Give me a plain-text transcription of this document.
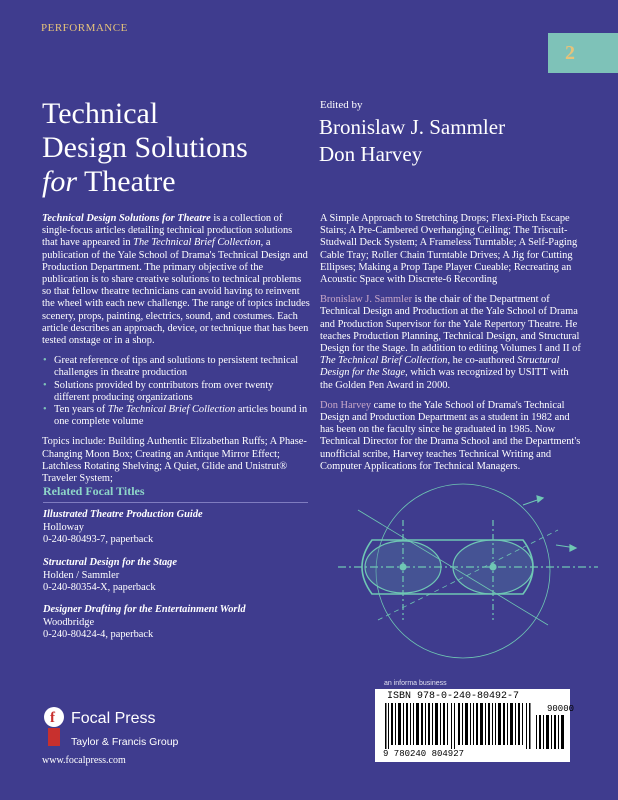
PERFORMANCE
2
Technical
Design Solutions
for Theatre
Edited by
Bronislaw J. Sammler
Don Harvey

Technical Design Solutions for Theatre is a collection of single-focus articles detailing technical production solutions that have appeared in The Technical Brief Collection, a publication of the Yale School of Drama's Technical Design and Production Department. The primary objective of the publication is to share creative solutions to technical problems so that fellow theatre technicians can avoid having to reinvent the wheel with each new challenge. The range of topics includes scenery, props, painting, electrics, sound, and costumes. Each article describes an approach, device, or technique that has been tested onstage or in a shop.

• Great reference of tips and solutions to persistent technical challenges in theatre production
• Solutions provided by contributors from over twenty different producing organizations
• Ten years of The Technical Brief Collection articles bound in one complete volume

Topics include: Building Authentic Elizabethan Ruffs; A Phase-Changing Moon Box; Creating an Antique Mirror Effect; Latchless Rotating Shelving; A Quiet, Glide and Unistrut® Traveler System;

A Simple Approach to Stretching Drops; Flexi-Pitch Escape Stairs; A Pre-Cambered Overhanging Ceiling; The Triscuit-Studwall Deck System; A Frameless Turntable; A Self-Paging Cable Tray; Roller Chain Turntable Drives; A Jig for Cutting Ellipses; Making a Prop Tape Player Cueable; Recreating an Acoustic Space with Discrete-6 Recording

Bronislaw J. Sammler is the chair of the Department of Technical Design and Production at the Yale School of Drama and Production Supervisor for the Yale Repertory Theatre. He teaches Production Planning, Technical Design, and Structural Design for the Stage. In addition to editing Volumes I and II of The Technical Brief Collection, he co-authored Structural Design for the Stage, which was recognized by USITT with the Golden Pen Award in 2000.

Don Harvey came to the Yale School of Drama's Technical Design and Production Department as a student in 1982 and has been on the faculty since he graduated in 1985. Now Technical Director for the Drama School and the Department's unofficial scribe, Harvey teaches Technical Writing and Computer Applications for Technical Managers.

Related Focal Titles
Illustrated Theatre Production Guide
Holloway
0-240-80493-7, paperback
Structural Design for the Stage
Holden / Sammler
0-240-80354-X, paperback
Designer Drafting for the Entertainment World
Woodbridge
0-240-80424-4, paperback
f Focal Press
Taylor & Francis Group
www.focalpress.com
an informa business
ISBN 978-0-240-80492-7
90000
9 780240 804927
